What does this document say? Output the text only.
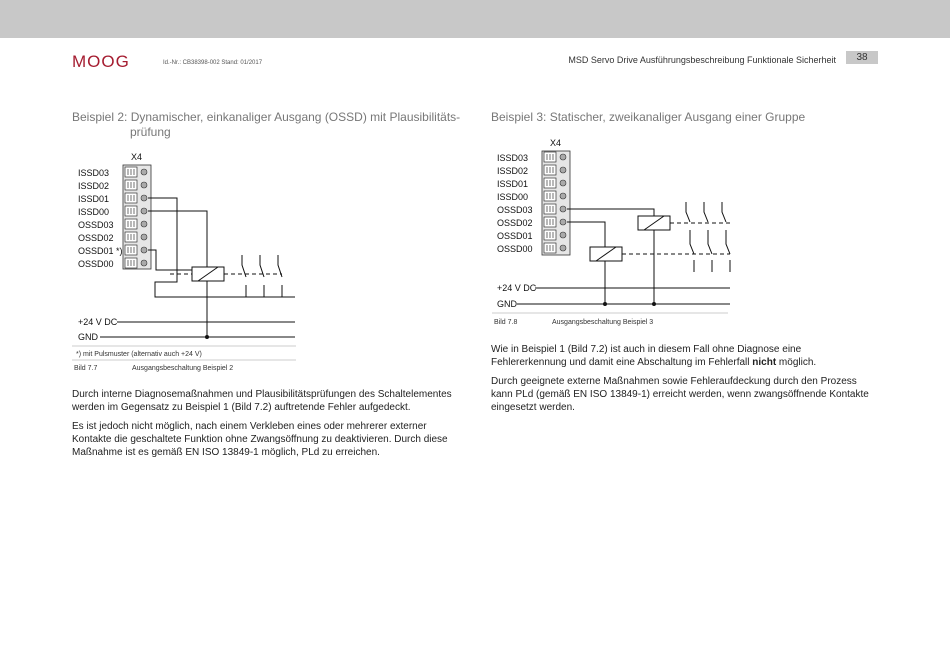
MOOG	Id.-Nr.: CB38398-002 Stand: 01/2017	MSD Servo Drive Ausführungsbeschreibung Funktionale Sicherheit	38
Beispiel 2: Dynamischer, einkanaliger Ausgang (OSSD) mit Plausibilitäts-
prüfung
X4
ISSD03
ISSD02
ISSD01
ISSD00
OSSD03
OSSD02
OSSD01 *)
OSSD00
+24 V DC
GND
*) mit Pulsmuster (alternativ auch +24 V)
Bild 7.7	Ausgangsbeschaltung Beispiel 2
Durch interne Diagnosemaßnahmen und Plausibilitätsprüfungen des Schaltelementes werden im Gegensatz zu Beispiel 1 (Bild 7.2) auftretende Fehler aufgedeckt.
Es ist jedoch nicht möglich, nach einem Verkleben eines oder mehrerer externer Kontakte die geschaltete Funktion ohne Zwangsöffnung zu deaktivieren. Durch diese Maßnahme ist es gemäß EN ISO 13849-1 möglich, PLd zu erreichen.
Beispiel 3: Statischer, zweikanaliger Ausgang einer Gruppe
X4
ISSD03
ISSD02
ISSD01
ISSD00
OSSD03
OSSD02
OSSD01
OSSD00
+24 V DC
GND
Bild 7.8	Ausgangsbeschaltung Beispiel 3
Wie in Beispiel 1 (Bild 7.2) ist auch in diesem Fall ohne Diagnose eine Fehlererkennung und damit eine Abschaltung im Fehlerfall nicht möglich.
Durch geeignete externe Maßnahmen sowie Fehleraufdeckung durch den Prozess kann PLd (gemäß EN ISO 13849-1) erreicht werden, wenn zwangsöffnende Kontakte eingesetzt werden.
